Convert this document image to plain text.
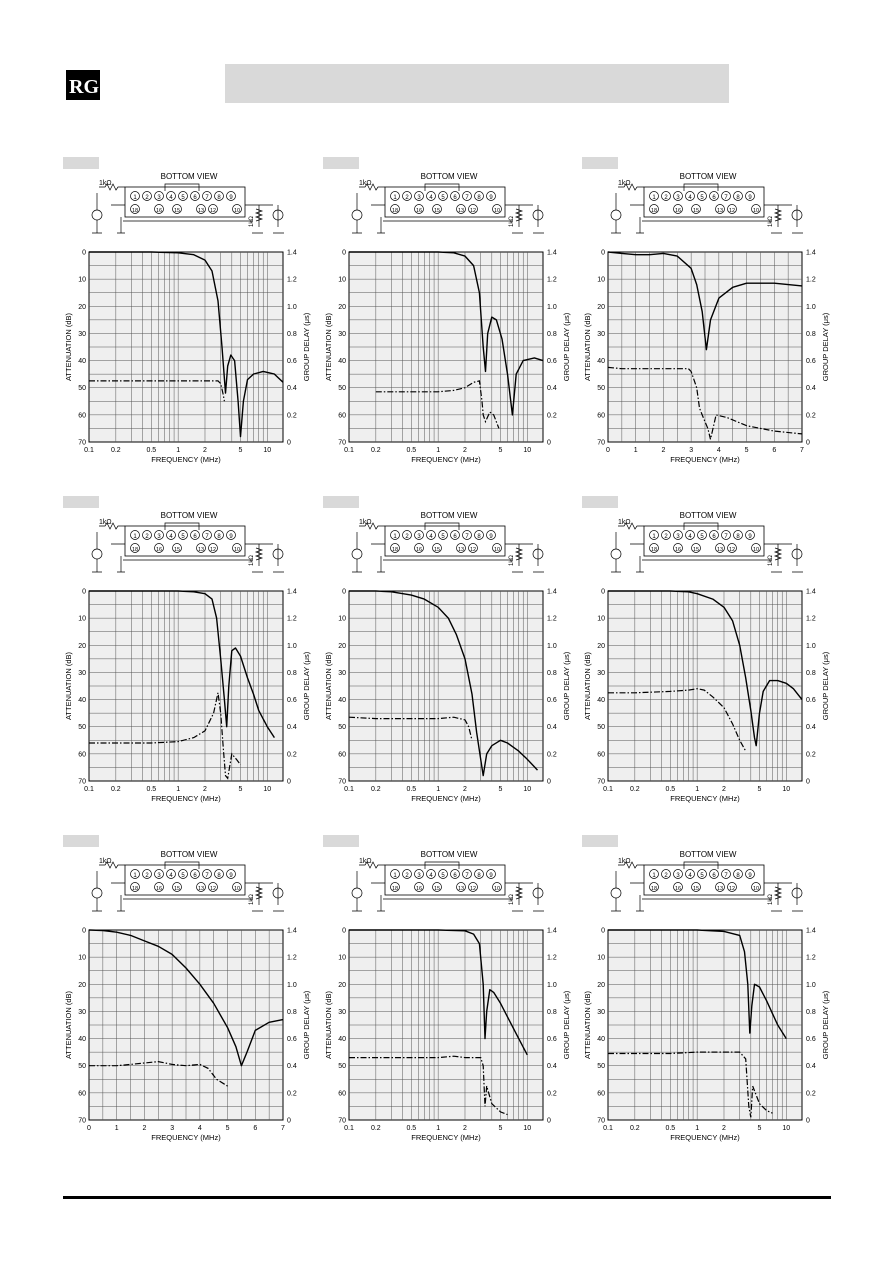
RG
BOTTOM VIEW
1 2 3 4 5 6 7 8 9
18	16 15	13 12	10
1kΩ
1kΩ
0
10
20
30
40
50
60
70	0
0.2
0.4
0.6
0.8
1.0
1.2
1.4
0.1 0.2	0.5	1	2	5	10
FREQUENCY (MHz)
ATTENUATION (dB)	GROUP DELAY (μs)
BOTTOM VIEW
1 2 3 4 5 6 7 8 9
18	16 15	13 12	10
1kΩ
1kΩ
0
10
20
30
40
50
60
70	0
0.2
0.4
0.6
0.8
1.0
1.2
1.4
0.1 0.2	0.5	1	2	5	10
FREQUENCY (MHz)
ATTENUATION (dB)	GROUP DELAY (μs)
BOTTOM VIEW
1 2 3 4 5 6 7 8 9
18	16 15	13 12	10
1kΩ
1kΩ
0
10
20
30
40
50
60
70	0
0.2
0.4
0.6
0.8
1.0
1.2
1.4
0	1	2	3	4	5	6	7
FREQUENCY (MHz)
ATTENUATION (dB)	GROUP DELAY (μs)
BOTTOM VIEW
1 2 3 4 5 6 7 8 9
18	16 15	13 12	10
1kΩ
1kΩ
0
10
20
30
40
50
60
70	0
0.2
0.4
0.6
0.8
1.0
1.2
1.4
0.1 0.2	0.5	1	2	5	10
FREQUENCY (MHz)
ATTENUATION (dB)	GROUP DELAY (μs)
BOTTOM VIEW
1 2 3 4 5 6 7 8 9
18	16 15	13 12	10
1kΩ
1kΩ
0
10
20
30
40
50
60
70	0
0.2
0.4
0.6
0.8
1.0
1.2
1.4
0.1 0.2	0.5	1	2	5	10
FREQUENCY (MHz)
ATTENUATION (dB)	GROUP DELAY (μs)
BOTTOM VIEW
1 2 3 4 5 6 7 8 9
18	16 15	13 12	10
1kΩ
1kΩ
0
10
20
30
40
50
60
70	0
0.2
0.4
0.6
0.8
1.0
1.2
1.4
0.1 0.2	0.5	1	2	5	10
FREQUENCY (MHz)
ATTENUATION (dB)	GROUP DELAY (μs)
BOTTOM VIEW
1 2 3 4 5 6 7 8 9
18	16 15	13 12	10
1kΩ
1kΩ
0
10
20
30
40
50
60
70	0
0.2
0.4
0.6
0.8
1.0
1.2
1.4
0	1	2	3	4	5	6	7
FREQUENCY (MHz)
ATTENUATION (dB)	GROUP DELAY (μs)
BOTTOM VIEW
1 2 3 4 5 6 7 8 9
18	16 15	13 12	10
1kΩ
1kΩ
0
10
20
30
40
50
60
70	0
0.2
0.4
0.6
0.8
1.0
1.2
1.4
0.1 0.2	0.5	1	2	5	10
FREQUENCY (MHz)
ATTENUATION (dB)	GROUP DELAY (μs)
BOTTOM VIEW
1 2 3 4 5 6 7 8 9
18	16 15	13 12	10
1kΩ
1kΩ
0
10
20
30
40
50
60
70	0
0.2
0.4
0.6
0.8
1.0
1.2
1.4
0.1 0.2	0.5	1	2	5	10
FREQUENCY (MHz)
ATTENUATION (dB)	GROUP DELAY (μs)
